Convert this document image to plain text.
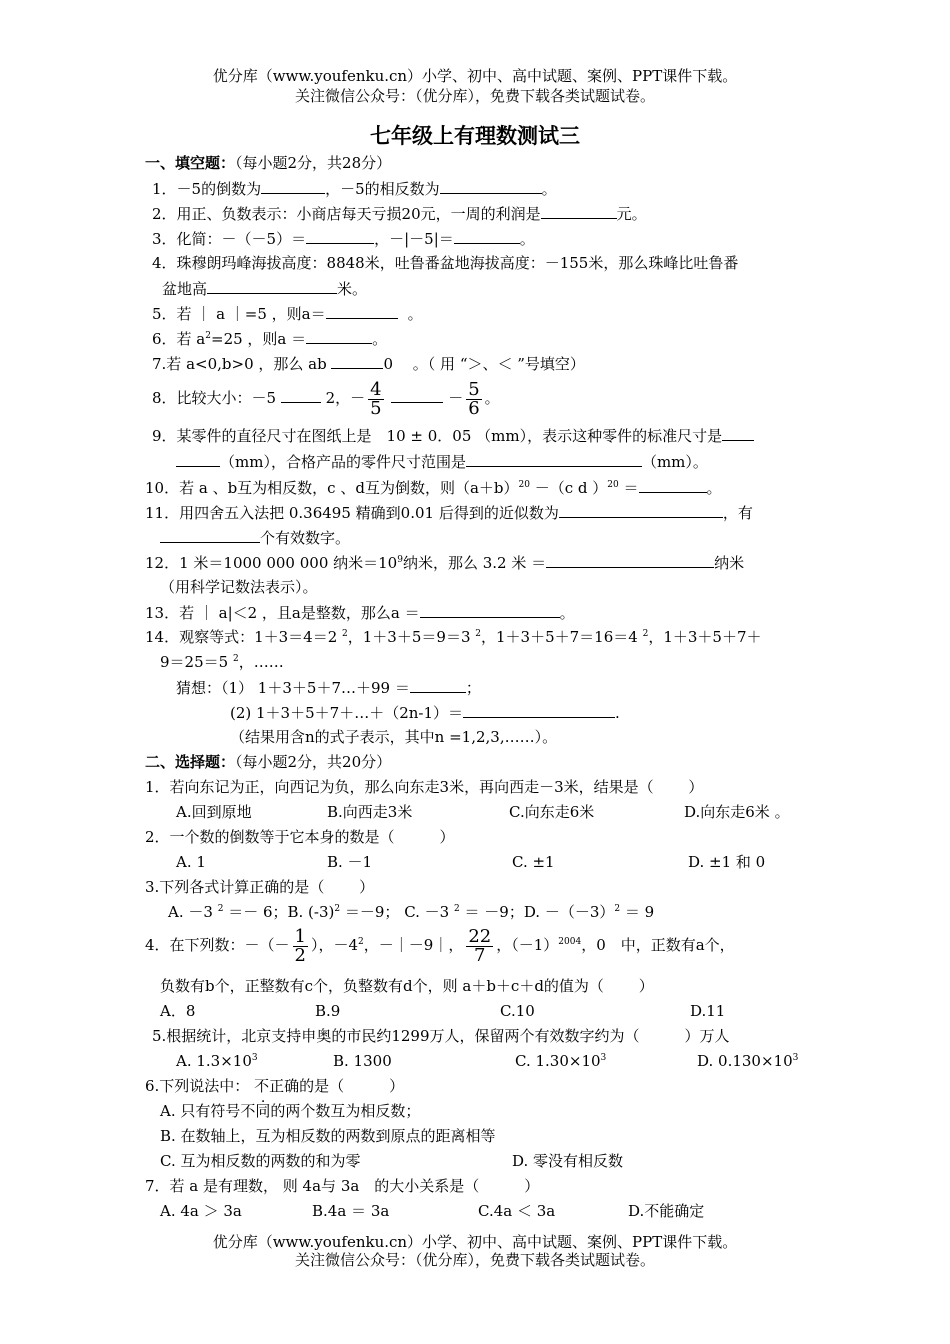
优分库（www.youfenku.cn）小学、初中、高中试题、案例、PPT课件下载。
关注微信公众号：（优分库），免费下载各类试题试卷。
七年级上有理数测试三
一、填空题：（每小题2分，共28分）
1．－5的倒数为	，－5的相反数为	。
2．用正、负数表示：小商店每天亏损20元，一周的利润是	元。
3．化简：－（－5）＝	，－|－5|＝	。
4．珠穆朗玛峰海拔高度：8848米，吐鲁番盆地海拔高度：－155米，那么珠峰比吐鲁番
盆地高	米。
5．若 ｜ a ｜=5 ，则a＝	。
6．若 $a^2=25$ ，则a ＝	。
7.若 a<0,b>0 ，那么 ab	0 　。（ 用 “＞、＜ ”号填空）
8．比较大小：－5	2，－ $\frac{4}{5}$	－ $\frac{5}{6}$ 。
9．某零件的直径尺寸在图纸上是　10 ± 0．05 （mm），表示这种零件的标准尺寸是
（mm），合格产品的零件尺寸范围是	（mm）。
10．若 a 、b互为相反数，c 、d互为倒数，则$(a+b)^{20} -(c$ d ）$^{20}$ ＝	。
11．用四舍五入法把 0.36495 精确到0.01 后得到的近似数为	，有
个有效数字。
12．1 米＝1000 000 000 纳米$=10^9$纳米，那么 3.2 米 ＝	纳米
（用科学记数法表示）。
13．若 ｜ a|＜2 ，且a是整数，那么a ＝	。
14．观察等式：1＋3＝4＝2 $^2$，1＋3＋5＝9＝3 $^2$，1＋3＋5＋7＝16＝4 $^2$，1＋3＋5＋7＋
9＝25＝5 $^2$，……
猜想：（1） 1＋3＋5＋7…＋99 ＝	；
(2) 1＋3＋5＋7＋…＋（2n-1）＝	.
（结果用含n的式子表示，其中n =1,2,3,……）。
二、选择题：（每小题2分，共20分）
1．若向东记为正，向西记为负，那么向东走3米，再向西走－3米，结果是（　　 ）
A.回到原地	B.向西走3米	C.向东走6米	D.向东走6米 。
2．一个数的倒数等于它本身的数是（　　　）
A. 1	B. －1	C. ±1	D. ±1 和 0
3.下列各式计算正确的是（　　 ）
A. －3 $^2$ ＝－ 6；B. $(-3)^2 =-9$； C. －3 $^2$ ＝ －9；D. $-(-3)^2 = 9$
4．在下列数：－（－ $\frac{1}{2}$ ），$-4^2$，－｜－9｜， $\frac{22}{7}$ ，$(-1)^{2004}$，0　中，正数有a个，
负数有b个，正整数有c个，负整数有d个，则 a＋b＋c＋d的值为（　　 ）
A．8	B.9	C.10	D.11
5.根据统计，北京支持申奥的市民约1299万人，保留两个有效数字约为（　　　）万人
A. $1.3\times 10^3$	B. 1300	C. $1.30\times 10^3$	D. $0.130\times 10^3$
6.下列说法中： 不正确的是（　　　）
A. 只有符号不同的两个数互为相反数；
B. 在数轴上，互为相反数的两数到原点的距离相等
C. 互为相反数的两数的和为零	D. 零没有相反数
7．若 a 是有理数， 则 4a与 3a　的大小关系是（　　　）
A. 4a ＞ 3a	B.4a ＝ 3a	C.4a ＜ 3a	D.不能确定
优分库（www.youfenku.cn）小学、初中、高中试题、案例、PPT课件下载。
关注微信公众号：（优分库），免费下载各类试题试卷。
